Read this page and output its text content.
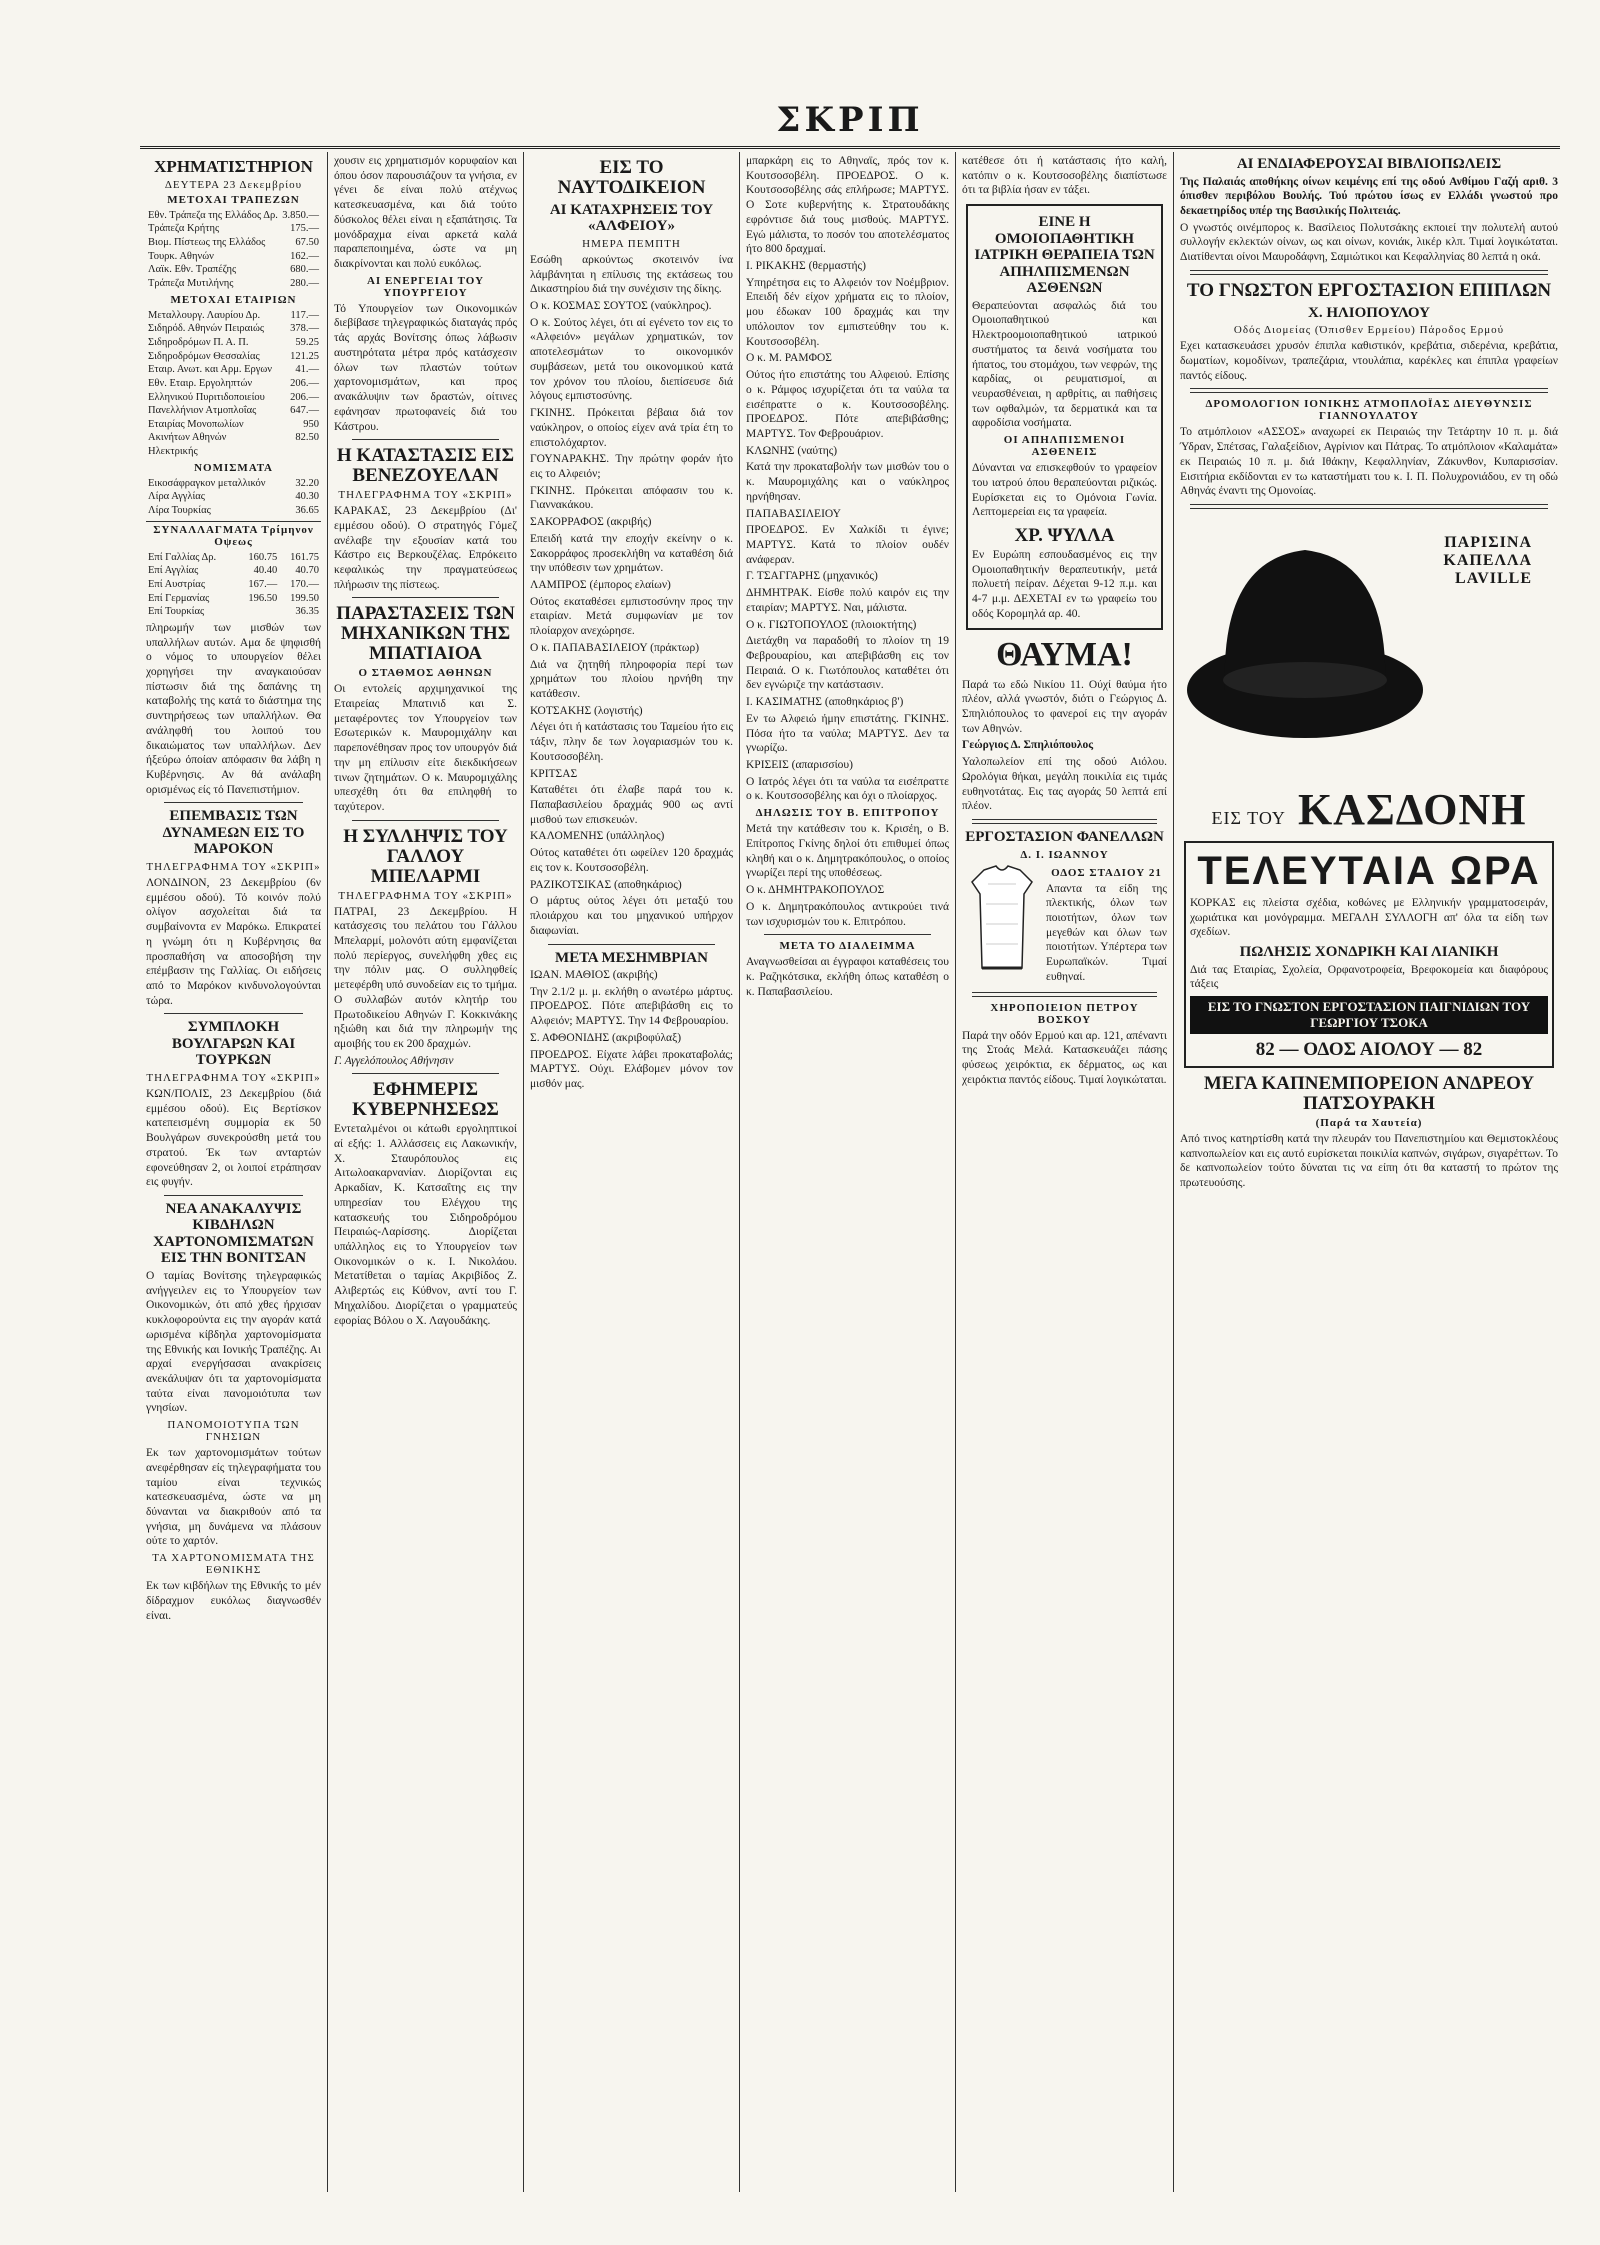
ΣΚΡΙΠ
ΧΡΗΜΑΤΙΣΤΗΡΙΟΝ
ΔΕΥΤΕΡΑ 23 Δεκεμβρίου
ΜΕΤΟΧΑΙ ΤΡΑΠΕΖΩΝ
Εθν. Τράπεζα της Ελλάδος Δρ.	3.850.—
Τράπεζα Κρήτης	175.—
Βιομ. Πίστεως της Ελλάδος	67.50
Τουρκ. Αθηνών	162.—
Λαϊκ. Εθν. Τραπέζης	680.—
Τράπεζα Μυτιλήνης	280.—
ΜΕΤΟΧΑΙ ΕΤΑΙΡΙΩΝ
Μεταλλουργ. Λαυρίου Δρ.	117.—
Σιδηρόδ. Αθηνών Πειραιώς	378.—
Σιδηροδρόμων Π. Α. Π.	59.25
Σιδηροδρόμων Θεσσαλίας	121.25
Εταιρ. Ανωτ. και Αρμ. Εργων	41.—
Εθν. Εταιρ. Εργοληπτών	206.—
Ελληνικού Πυριτιδοποιείου	206.—
Πανελλήνιον Ατμοπλοΐας	647.—
Εταιρίας Μονοπωλίων	950
Ακινήτων Αθηνών	82.50
Ηλεκτρικής	
ΝΟΜΙΣΜΑΤΑ
Εικοσάφραγκον μεταλλικόν	32.20
Λίρα Αγγλίας	40.30
Λίρα Τουρκίας	36.65
ΣΥΝΑΛΛΑΓΜΑΤΑ Τρίμηνον Οψεως
Επί Γαλλίας Δρ.	160.75	161.75
Επί Αγγλίας	40.40	40.70
Επί Αυστρίας	167.—	170.—
Επί Γερμανίας	196.50	199.50
Επί Τουρκίας		36.35

πληρωμήν των μισθών των υπαλλήλων αυτών. Αμα δε ψηφισθή ο νόμος το υπουργείον θέλει χορηγήσει την αναγκαιούσαν πίστωσιν διά της δαπάνης τη καταβολής της κατά το διάστημα της συντηρήσεως των υπαλλήλων. Θα ανάληφθή του λοιπού του δικαιώματος των υπαλλήλων. Δεν ήξεύρω όποίαν απόφασιν θα λάβη η Κυβέρνησις. Αν θά ανάλαβη ορισμένως είς τό Πανεπιστήμιον.

ΕΠΕΜΒΑΣΙΣ ΤΩΝ ΔΥΝΑΜΕΩΝ ΕΙΣ ΤΟ ΜΑΡΟΚΟΝ
ΤΗΛΕΓΡΑΦΗΜΑ ΤΟΥ «ΣΚΡΙΠ»

ΛΟΝΔΙΝΟΝ, 23 Δεκεμβρίου (6ν εμμέσου οδού). Τό κοινόν πολύ ολίγον ασχολείται διά τα συμβαίνοντα εν Μαρόκω. Επικρατεί η γνώμη ότι η Κυβέρνησις θα προσπαθήση να αποσοβήση την επέμβασιν της Γαλλίας. Οι ειδήσεις από το Μαρόκον κινδυνολογούνται τώρα.

ΣΥΜΠΛΟΚΗ ΒΟΥΛΓΑΡΩΝ ΚΑΙ ΤΟΥΡΚΩΝ
ΤΗΛΕΓΡΑΦΗΜΑ ΤΟΥ «ΣΚΡΙΠ»

ΚΩΝ/ΠΟΛΙΣ, 23 Δεκεμβρίου (διά εμμέσου οδού). Εις Βερτίσκον κατεπεισμένη συμμορία εκ 50 Βουλγάρων συνεκρούσθη μετά του στρατού. Έκ των ανταρτών εφονεύθησαν 2, οι λοιποί ετράπησαν εις φυγήν.

ΝΕΑ ΑΝΑΚΑΛΥΨΙΣ ΚΙΒΔΗΛΩΝ ΧΑΡΤΟΝΟΜΙΣΜΑΤΩΝ ΕΙΣ ΤΗΝ ΒΟΝΙΤΣΑΝ

Ο ταμίας Βονίτσης τηλεγραφικώς ανήγγειλεν εις το Υπουργείον των Οικονομικών, ότι από χθες ήρχισαν κυκλοφορούντα εις την αγοράν κατά ωρισμένα κίβδηλα χαρτονομίσματα της Εθνικής και Ιονικής Τραπέζης. Αι αρχαί ενεργήσασαι ανακρίσεις ανεκάλυψαν ότι τα χαρτονομίσματα ταύτα είναι πανομοιότυπα των γνησίων.

ΠΑΝΟΜΟΙΟΤΥΠΑ ΤΩΝ ΓΝΗΣΙΩΝ

Εκ των χαρτονομισμάτων τούτων ανεφέρθησαν είς τηλεγραφήματα του ταμίου είναι τεχνικώς κατεσκευασμένα, ώστε να μη δύνανται να διακριθούν από τα γνήσια, μη δυνάμενα να πλάσουν ούτε το χαρτόν.

ΤΑ ΧΑΡΤΟΝΟΜΙΣΜΑΤΑ ΤΗΣ ΕΘΝΙΚΗΣ

Εκ των κιβδήλων της Εθνικής το μέν δίδραχμον ευκόλως διαγνωσθέν είναι.

χουσιν εις χρηματισμόν κορυφαίον και όπου όσον παρουσιάζουν τα γνήσια, εν γένει δε είναι πολύ ατέχνως κατεσκευασμένα, και διά τούτο δύσκολος θέλει είναι η εξαπάτησις. Τα μονόδραχμα είναι αρκετά καλά παραπεποιημένα, ώστε να μη διακρίνονται και πολύ ευκόλως.

ΑΙ ΕΝΕΡΓΕΙΑΙ ΤΟΥ ΥΠΟΥΡΓΕΙΟΥ

Τό Υπουργείον των Οικονομικών διεβίβασε τηλεγραφικώς διαταγάς πρός τάς αρχάς Βονίτσης όπως λάβωσιν αυστηρότατα μέτρα πρός κατάσχεσιν όλων των πλαστών τούτων χαρτονομισμάτων, και προς ανακάλυψιν των δραστών, οίτινες εφάνησαν πρωτοφανείς διά του Κάστρου.

Η ΚΑΤΑΣΤΑΣΙΣ ΕΙΣ ΒΕΝΕΖΟΥΕΛΑΝ
ΤΗΛΕΓΡΑΦΗΜΑ ΤΟΥ «ΣΚΡΙΠ»

ΚΑΡΑΚΑΣ, 23 Δεκεμβρίου (Δι' εμμέσου οδού). Ο στρατηγός Γόμεζ ανέλαβε την εξουσίαν κατά του Κάστρο εις Βερκουζέλας. Επρόκειτο κεφαλικώς την πραγματεύσεως πλήρωσιν της πίστεως.

ΠΑΡΑΣΤΑΣΕΙΣ ΤΩΝ ΜΗΧΑΝΙΚΩΝ ΤΗΣ ΜΠΑΤΙΑΙΟΑ
Ο ΣΤΑΘΜΟΣ ΑΘΗΝΩΝ

Οι εντολείς αρχιμηχανικοί της Εταιρείας Μπατινιδ και Σ. μεταφέροντες τον Υπουργείον των Εσωτερικών κ. Μαυρομιχάλην και παρεπονέθησαν προς τον υπουργόν διά την μη επίλυσιν είτε διεκδικήσεων τινων ζητημάτων. Ο κ. Μαυρομιχάλης υπεσχέθη ότι θα επιληφθή το ταχύτερον.

Η ΣΥΛΛΗΨΙΣ ΤΟΥ ΓΑΛΛΟΥ ΜΠΕΛΑΡΜΙ
ΤΗΛΕΓΡΑΦΗΜΑ ΤΟΥ «ΣΚΡΙΠ»

ΠΑΤΡΑΙ, 23 Δεκεμβρίου. Η κατάσχεσις του πελάτου του Γάλλου Μπελαρμί, μολονότι αύτη εμφανίζεται πολύ περίεργος, συνελήφθη χθες εις την πόλιν μας. Ο συλληφθείς μετεφέρθη υπό συνοδείαν εις το τμήμα. Ο συλλαβών αυτόν κλητήρ του Πρωτοδικείου Αθηνών Γ. Κοκκινάκης ηξιώθη και διά την πληρωμήν της αμοιβής του εκ 200 δραχμών.

Γ. Αγγελόπουλος Αθήνησιν

ΕΦΗΜΕΡΙΣ ΚΥΒΕΡΝΗΣΕΩΣ

Εντεταλμένοι οι κάτωθι εργοληπτικοί αί εξής: 1. Αλλάσσεις εις Λακωνικήν, Χ. Σταυρόπουλος εις Αιτωλοακαρνανίαν. Διορίζονται εις Αρκαδίαν, Κ. Κατσαΐτης εις την υπηρεσίαν του Ελέγχου της κατασκευής του Σιδηροδρόμου Πειραιώς-Λαρίσσης. Διορίζεται υπάλληλος εις το Υπουργείον των Οικονομικών ο κ. Ι. Νικολάου. Μετατίθεται ο ταμίας Ακριβίδος Ζ. Αλιβερτώς εις Κύθνον, αντί του Γ. Μηχαλίδου. Διορίζεται ο γραμματεύς εφορίας Βόλου ο Χ. Λαγουδάκης.

ΕΙΣ ΤΟ ΝΑΥΤΟΔΙΚΕΙΟΝ
ΑΙ ΚΑΤΑΧΡΗΣΕΙΣ ΤΟΥ «ΑΛΦΕΙΟΥ»
ΗΜΕΡΑ ΠΕΜΠΤΗ

Εσώθη αρκούντως σκοτεινόν ίνα λάμβάνηται η επίλυσις της εκτάσεως του Δικαστηρίου διά την συνέχισιν της δίκης.

Ο κ. ΚΟΣΜΑΣ ΣΟΥΤΟΣ (ναύκληρος).

Ο κ. Σούτος λέγει, ότι αί εγένετο τον εις το «Αλφειόν» μεγάλων χρηματικών, τον αποτελεσμάτων το οικονομικόν συμβάσεων, μετά του οικονομικού κατά τον χρόνον του πλοίου, διεπίσευσε διά λόγους εμπιστοσύνης.

ΓΚΙΝΗΣ. Πρόκειται βέβαια διά τον ναύκληρον, ο οποίος είχεν ανά τρία έτη το επιστολόχαρτον.

ΓΟΥΝΑΡΑΚΗΣ. Την πρώτην φοράν ήτο εις το Αλφειόν;

ΓΚΙΝΗΣ. Πρόκειται απόφασιν του κ. Γιαννακάκου.

ΣΑΚΟΡΡΑΦΟΣ (ακριβής)

Επειδή κατά την εποχήν εκείνην ο κ. Σακορράφος προσεκλήθη να καταθέση διά την υπόθεσιν των χρημάτων.

ΛΑΜΠΡΟΣ (έμπορος ελαίων)

Ούτος εκαταθέσει εμπιστοσύνην προς την εταιρίαν. Μετά συμφωνίαν με τον πλοίαρχον ανεχώρησε.

Ο κ. ΠΑΠΑΒΑΣΙΛΕΙΟΥ (πράκτωρ)

Διά να ζητηθή πληροφορία περί των χρημάτων του πλοίου ηρνήθη την κατάθεσιν.

ΚΟΤΣΑΚΗΣ (λογιστής)

Λέγει ότι ή κατάστασις του Ταμείου ήτο εις τάξιν, πλην δε των λογαριασμών του κ. Κουτσοσοβέλη.

ΚΡΙΤΣΑΣ

Καταθέτει ότι έλαβε παρά του κ. Παπαβασιλείου δραχμάς 900 ως αντί μισθού των επισκευών.

ΚΑΛΟΜΕΝΗΣ (υπάλληλος)

Ούτος καταθέτει ότι ωφείλεν 120 δραχμάς εις τον κ. Κουτσοσοβέλη.

ΡΑΖΙΚΟΤΣΙΚΑΣ (αποθηκάριος)

Ο μάρτυς ούτος λέγει ότι μεταξύ του πλοιάρχου και του μηχανικού υπήρχον διαφωνίαι.

ΜΕΤΑ ΜΕΣΗΜΒΡΙΑΝ

ΙΩΑΝ. ΜΑΘΙΟΣ (ακριβής)

Την 2.1/2 μ. μ. εκλήθη ο ανωτέρω μάρτυς. ΠΡΟΕΔΡΟΣ. Πότε απεβιβάσθη εις το Αλφειόν; ΜΑΡΤΥΣ. Την 14 Φεβρουαρίου.

Σ. ΑΦΘΟΝΙΔΗΣ (ακριβοφύλαξ)

ΠΡΟΕΔΡΟΣ. Είχατε λάβει προκαταβολάς; ΜΑΡΤΥΣ. Ούχι. Ελάβομεν μόνον τον μισθόν μας.

μπαρκάρη εις το Αθηναϊς, πρός τον κ. Κουτσοσοβέλη. ΠΡΟΕΔΡΟΣ. Ο κ. Κουτσοσοβέλης σάς επλήρωσε; ΜΑΡΤΥΣ. Ο Σοτε κυβερνήτης κ. Στρατουδάκης εφρόντισε διά τους μισθούς. ΜΑΡΤΥΣ. Εγώ μάλιστα, το ποσόν του αποτελέσματος ήτο 800 δραχμαί.

Ι. ΡΙΚΑΚΗΣ (θερμαστής)

Υπηρέτησα εις το Αλφειόν τον Νοέμβριον. Επειδή δέν είχον χρήματα εις το πλοίον, μου έδωκαν 100 δραχμάς και την υπόλοιπον τον εμπιστεύθην του κ. Κουτσοσοβέλη.

Ο κ. Μ. ΡΑΜΦΟΣ

Ούτος ήτο επιστάτης του Αλφειού. Επίσης ο κ. Ράμφος ισχυρίζεται ότι τα ναύλα τα εισέπραττε ο κ. Κουτσοσοβέλης. ΠΡΟΕΔΡΟΣ. Πότε απεβιβάσθης; ΜΑΡΤΥΣ. Τον Φεβρουάριον.

ΚΛΩΝΗΣ (ναύτης)

Κατά την προκαταβολήν των μισθών του ο κ. Μαυρομιχάλης και ο ναύκληρος ηρνήθησαν.

ΠΑΠΑΒΑΣΙΛΕΙΟΥ

ΠΡΟΕΔΡΟΣ. Εν Χαλκίδι τι έγινε; ΜΑΡΤΥΣ. Κατά το πλοίον ουδέν ανάφεραν.

Γ. ΤΣΑΓΓΑΡΗΣ (μηχανικός)

ΔΗΜΗΤΡΑΚ. Είσθε πολύ καιρόν εις την εταιρίαν; ΜΑΡΤΥΣ. Ναι, μάλιστα.

Ο κ. ΓΙΩΤΟΠΟΥΛΟΣ (πλοιοκτήτης)

Διετάχθη να παραδοθή το πλοίον τη 19 Φεβρουαρίου, και απεβιβάσθη εις τον Πειραιά. Ο κ. Γιωτόπουλος καταθέτει ότι δεν εγνώριζε την κατάστασιν.

Ι. ΚΑΣΙΜΑΤΗΣ (αποθηκάριος β')

Εν τω Αλφειώ ήμην επιστάτης. ΓΚΙΝΗΣ. Πόσα ήτο τα ναύλα; ΜΑΡΤΥΣ. Δεν τα γνωρίζω.

ΚΡΙΣΕΙΣ (απαρισσίου)

Ο Ιατρός λέγει ότι τα ναύλα τα εισέπραττε ο κ. Κουτσοσοβέλης και όχι ο πλοίαρχος.

ΔΗΛΩΣΙΣ ΤΟΥ Β. ΕΠΙΤΡΟΠΟΥ

Μετά την κατάθεσιν του κ. Κρισέη, ο Β. Επίτροπος Γκίνης δηλοί ότι επιθυμεί όπως κληθή και ο κ. Δημητρακόπουλος, ο οποίος γνωρίζει περί της υποθέσεως.

Ο κ. ΔΗΜΗΤΡΑΚΟΠΟΥΛΟΣ

Ο κ. Δημητρακόπουλος αντικρούει τινά των ισχυρισμών του κ. Επιτρόπου.

ΜΕΤΑ ΤΟ ΔΙΑΛΕΙΜΜΑ

Αναγνωσθείσαι αι έγγραφοι καταθέσεις του κ. Ραζηκότσικα, εκλήθη όπως καταθέση ο κ. Παπαβασιλείου.

κατέθεσε ότι ή κατάστασις ήτο καλή, κατόπιν ο κ. Κουτσοσοβέλης διαπίστωσε ότι τα βιβλία ήσαν εν τάξει.

ΕΙΝΕ Η ΟΜΟΙΟΠΑΘΗΤΙΚΗ ΙΑΤΡΙΚΗ ΘΕΡΑΠΕΙΑ ΤΩΝ ΑΠΗΛΠΙΣΜΕΝΩΝ ΑΣΘΕΝΩΝ

Θεραπεύονται ασφαλώς διά του Ομοιοπαθητικού και Ηλεκτροομοιοπαθητικού ιατρικού συστήματος τα δεινά νοσήματα του ήπατος, του στομάχου, των νεφρών, της καρδίας, οι ρευματισμοί, αι νευρασθένειαι, η αρθρίτις, αι παθήσεις των οφθαλμών, τα δερματικά και τα αφροδίσια νοσήματα.

ΟΙ ΑΠΗΛΠΙΣΜΕΝΟΙ ΑΣΘΕΝΕΙΣ

Δύνανται να επισκεφθούν το γραφείον του ιατρού όπου θεραπεύονται ριζικώς. Ευρίσκεται εις το Ομόνοια Γωνία. Λεπτομερείαι εις τα γραφεία.

ΧΡ. ΨΥΛΛΑ

Εν Ευρώπη εσπουδασμένος εις την Ομοιοπαθητικήν θεραπευτικήν, μετά πολυετή πείραν. Δέχεται 9-12 π.μ. και 4-7 μ.μ. ΔΕΧΕΤΑΙ εν τω γραφείω του οδός Κορομηλά αρ. 40.

ΘΑΥΜΑ!

Παρά τω εδώ Νικίου 11. Ούχί θαύμα ήτο πλέον, αλλά γνωστόν, διότι ο Γεώργιος Δ. Σπηλιόπουλος το φανεροί εις την αγοράν των Αθηνών.

Γεώργιος Δ. Σπηλιόπουλος

Υαλοπωλείον επί της οδού Αιόλου. Ωρολόγια θήκαι, μεγάλη ποικιλία εις τιμάς ευθηνοτάτας. Εις τας αγοράς 50 λεπτά επί πλέον.

ΕΡΓΟΣΤΑΣΙΟΝ ΦΑΝΕΛΛΩΝ
Δ. Ι. ΙΩΑΝΝΟΥ
ΟΔΟΣ ΣΤΑΔΙΟΥ 21

Απαντα τα είδη της πλεκτικής, όλων των ποιοτήτων, όλων των μεγεθών και όλων των ποιοτήτων. Υπέρτερα των Ευρωπαϊκών. Τιμαί ευθηναί.

ΧΗΡΟΠΟΙΕΙΟΝ ΠΕΤΡΟΥ ΒΟΣΚΟΥ

Παρά την οδόν Ερμού και αρ. 121, απέναντι της Στοάς Μελά. Κατασκευάζει πάσης φύσεως χειρόκτια, εκ δέρματος, ως και χειρόκτια παντός είδους. Τιμαί λογικώταται.

ΑΙ ΕΝΔΙΑΦΕΡΟΥΣΑΙ ΒΙΒΛΙΟΠΩΛΕΙΣ

Της Παλαιάς αποθήκης οίνων κειμένης επί της οδού Ανθίμου Γαζή αριθ. 3 όπισθεν περιβόλου Βουλής. Τού πρώτου ίσως εν Ελλάδι γνωστού προ δεκαετηρίδος υπέρ της Βασιλικής Πολιτειάς.

Ο γνωστός οινέμπορος κ. Βασίλειος Πολυτσάκης εκποιεί την πολυτελή αυτού συλλογήν εκλεκτών οίνων, ως και οίνων, κονιάκ, λικέρ κλπ. Τιμαί λογικώταται. Διατίθενται οίνοι Μαυροδάφνη, Σαμιώτικοι και Κεφαλληνίας 80 λεπτά η οκά.

ΤΟ ΓΝΩΣΤΟΝ ΕΡΓΟΣΤΑΣΙΟΝ ΕΠΙΠΛΩΝ
Χ. ΗΛΙΟΠΟΥΛΟΥ
Οδός Διομείας (Όπισθεν Ερμείου) Πάροδος Ερμού

Εχει κατασκευάσει χρυσόν έπιπλα καθιστικόν, κρεβάτια, σιδερένια, κρεβάτια, δωματίων, κομοδίνων, τραπεζάρια, ντουλάπια, καρέκλες και έπιπλα γραφείων παντός είδους.

ΔΡΟΜΟΛΟΓΙΟΝ ΙΟΝΙΚΗΣ ΑΤΜΟΠΛΟΪΑΣ ΔΙΕΥΘΥΝΣΙΣ ΓΙΑΝΝΟΥΛΑΤΟΥ

Το ατμόπλοιον «ΑΣΣΟΣ» αναχωρεί εκ Πειραιώς την Τετάρτην 10 π. μ. διά Ύδραν, Σπέτσας, Γαλαξείδιον, Αγρίνιον και Πάτρας. Το ατμόπλοιον «Καλαμάτα» εκ Πειραιώς 10 π. μ. διά Ιθάκην, Κεφαλληνίαν, Ζάκυνθον, Κυπαρισσίαν. Εισιτήρια εκδίδονται εν τω καταστήματι του κ. Ι. Π. Πολυχρονιάδου, εν τη οδώ Αθηνάς έναντι της Ομονοίας.

ΠΑΡΙΣΙΝΑ ΚΑΠΕΛΛΑ LAVILLE
ΕΙΣ ΤΟΥ ΚΑΣΔΟΝΗ
ΤΕΛΕΥΤΑΙΑ ΩΡΑ

ΚΟΡΚΑΣ εις πλείστα σχέδια, κοθώνες με Ελληνικήν γραμματοσειράν, χωριάτικα και μονόγραμμα. ΜΕΓΑΛΗ ΣΥΛΛΟΓΗ απ' όλα τα είδη των σχεδίων.

ΠΩΛΗΣΙΣ ΧΟΝΔΡΙΚΗ ΚΑΙ ΛΙΑΝΙΚΗ

Διά τας Εταιρίας, Σχολεία, Ορφανοτροφεία, Βρεφοκομεία και διαφόρους τάξεις

ΕΙΣ ΤΟ ΓΝΩΣΤΟΝ ΕΡΓΟΣΤΑΣΙΟΝ ΠΑΙΓΝΙΔΙΩΝ ΤΟΥ ΓΕΩΡΓΙΟΥ ΤΣΟΚΑ
82 — ΟΔΟΣ ΑΙΟΛΟΥ — 82
ΜΕΓΑ ΚΑΠΝΕΜΠΟΡΕΙΟΝ ΑΝΔΡΕΟΥ ΠΑΤΣΟΥΡΑΚΗ
(Παρά τα Χαυτεία)

Από τινος κατηρτίσθη κατά την πλευράν του Πανεπιστημίου και Θεμιστοκλέους καπνοπωλείον και εις αυτό ευρίσκεται ποικιλία καπνών, σιγάρων, σιγαρέττων. Το δε καπνοπωλείον τούτο δύναται τις να είπη ότι θα καταστή το πρώτον της πρωτευούσης.
